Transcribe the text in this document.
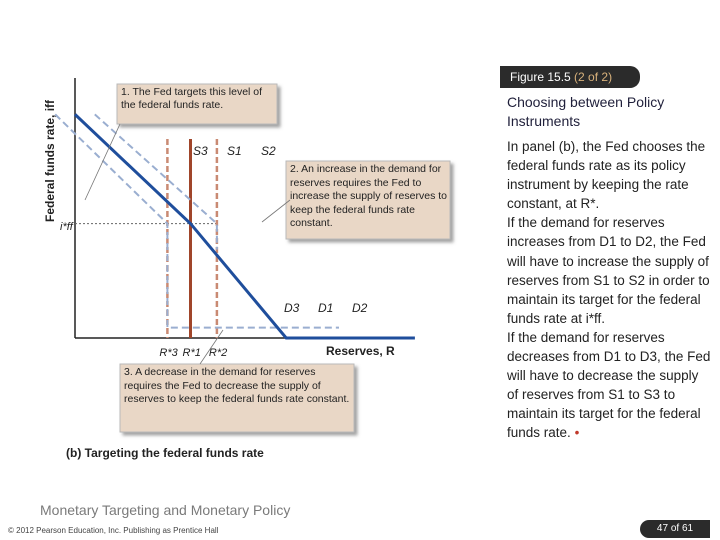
Federal funds rate, iff
Reserves, R
i*ff
R*3 R*1 R*2
S3 S1 S2
D3 D1 D2
1. The Fed targets this level of the federal funds rate.
2. An increase in the demand for reserves requires the Fed to increase the supply of reserves to keep the federal funds rate constant.
3. A decrease in the demand for reserves requires the Fed to decrease the supply of reserves to keep the federal funds rate constant.
(b) Targeting the federal funds rate
Figure 15.5 (2 of 2)
Choosing between Policy Instruments

In panel (b), the Fed chooses the federal funds rate as its policy instrument by keeping the rate constant, at R*.

If the demand for reserves increases from D1 to D2, the Fed will have to increase the supply of reserves from S1 to S2 in order to maintain its target for the federal funds rate at i*ff.

If the demand for reserves decreases from D1 to D3, the Fed will have to decrease the supply of reserves from S1 to S3 to maintain its target for the federal funds rate. •

Monetary Targeting and Monetary Policy
© 2012 Pearson Education, Inc. Publishing as Prentice Hall	47 of 61
